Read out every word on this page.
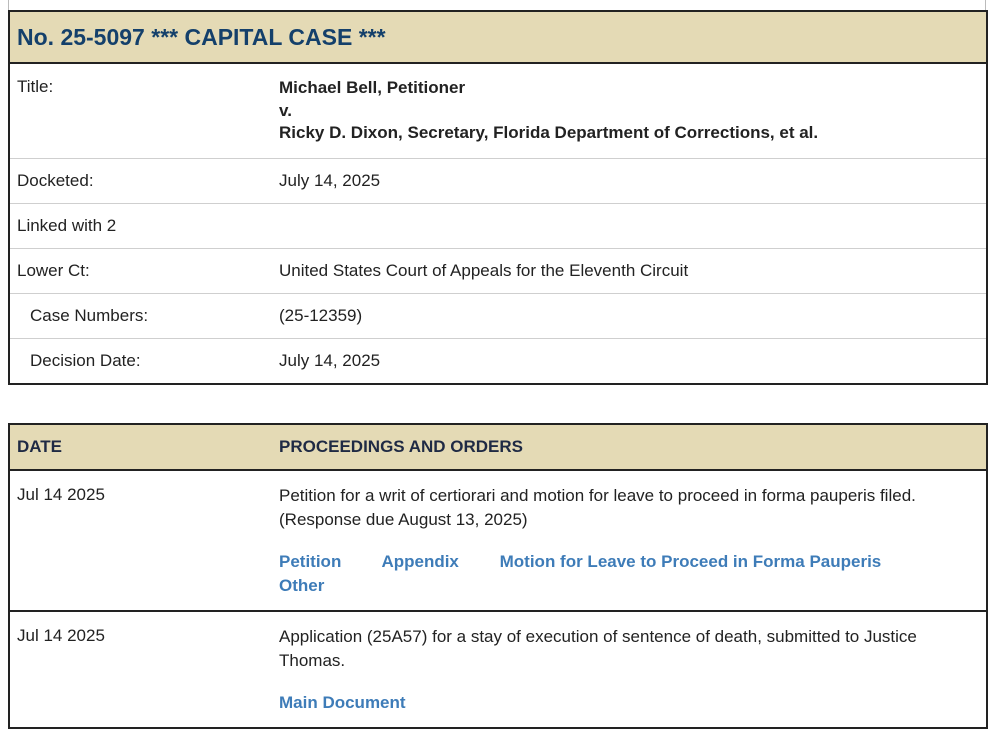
No. 25-5097 *** CAPITAL CASE ***	
Title:	Michael Bell, Petitioner
v.
Ricky D. Dixon, Secretary, Florida Department of Corrections, et al.

Docketed:	July 14, 2025
Linked with 2	
Lower Ct:	United States Court of Appeals for the Eleventh Circuit
Case Numbers:	(25-12359)
Decision Date:	July 14, 2025
DATE	PROCEEDINGS AND ORDERS
Jul 14 2025	Petition for a writ of certiorari and motion for leave to proceed in forma pauperis filed. (Response due August 13, 2025)
Petition Appendix Motion for Leave to Proceed in Forma Pauperis Other

Jul 14 2025	Application (25A57) for a stay of execution of sentence of death, submitted to Justice Thomas.
Main Document
